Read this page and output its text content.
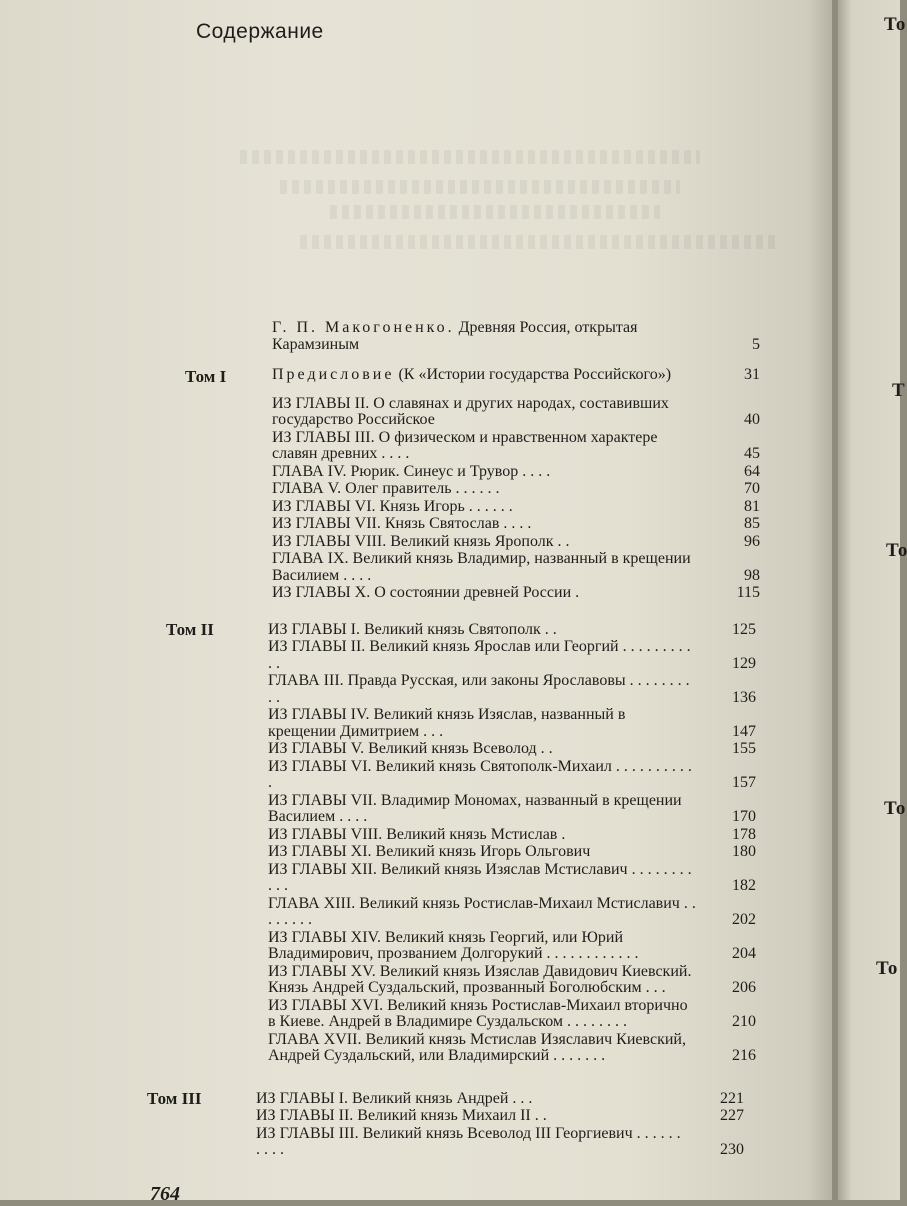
Содержание
Г. П. Макогоненко. Древняя Россия, открытая Карамзиным	5
Том I	Предисловие (К «Истории государства Российского»)	31
ИЗ ГЛАВЫ II. О славянах и других народах, составивших государство Российское	40
ИЗ ГЛАВЫ III. О физическом и нравственном характере славян древних . . . .	45
ГЛАВА IV. Рюрик. Синеус и Трувор . . . .	64
ГЛАВА V. Олег правитель . . . . . .	70
ИЗ ГЛАВЫ VI. Князь Игорь . . . . . .	81
ИЗ ГЛАВЫ VII. Князь Святослав . . . .	85
ИЗ ГЛАВЫ VIII. Великий князь Ярополк . .	96
ГЛАВА IX. Великий князь Владимир, названный в крещении Василием . . . .	98
ИЗ ГЛАВЫ X. О состоянии древней России .	115
Том II	ИЗ ГЛАВЫ I. Великий князь Святополк . .	125
ИЗ ГЛАВЫ II. Великий князь Ярослав или Георгий . . . . . . . . . . .	129
ГЛАВА III. Правда Русская, или законы Ярославовы . . . . . . . . . .	136
ИЗ ГЛАВЫ IV. Великий князь Изяслав, названный в крещении Димитрием . . .	147
ИЗ ГЛАВЫ V. Великий князь Всеволод . .	155
ИЗ ГЛАВЫ VI. Великий князь Святополк-Михаил . . . . . . . . . . .	157
ИЗ ГЛАВЫ VII. Владимир Мономах, названный в крещении Василием . . . .	170
ИЗ ГЛАВЫ VIII. Великий князь Мстислав .	178
ИЗ ГЛАВЫ XI. Великий князь Игорь Ольгович	180
ИЗ ГЛАВЫ XII. Великий князь Изяслав Мстиславич . . . . . . . . . . .	182
ГЛАВА XIII. Великий князь Ростислав-Михаил Мстиславич . . . . . . . .	202
ИЗ ГЛАВЫ XIV. Великий князь Георгий, или Юрий Владимирович, прозванием Долгорукий . . . . . . . . . . . .	204
ИЗ ГЛАВЫ XV. Великий князь Изяслав Давидович Киевский. Князь Андрей Суздальский, прозванный Боголюбским . . .	206
ИЗ ГЛАВЫ XVI. Великий князь Ростислав-Михаил вторично в Киеве. Андрей в Владимире Суздальском . . . . . . . .	210
ГЛАВА XVII. Великий князь Мстислав Изяславич Киевский, Андрей Суздальский, или Владимирский . . . . . . .	216
Том III	ИЗ ГЛАВЫ I. Великий князь Андрей . . .	221
ИЗ ГЛАВЫ II. Великий князь Михаил II . .	227
ИЗ ГЛАВЫ III. Великий князь Всеволод III Георгиевич . . . . . . . . . .	230
764
То
Т
То
То
То
